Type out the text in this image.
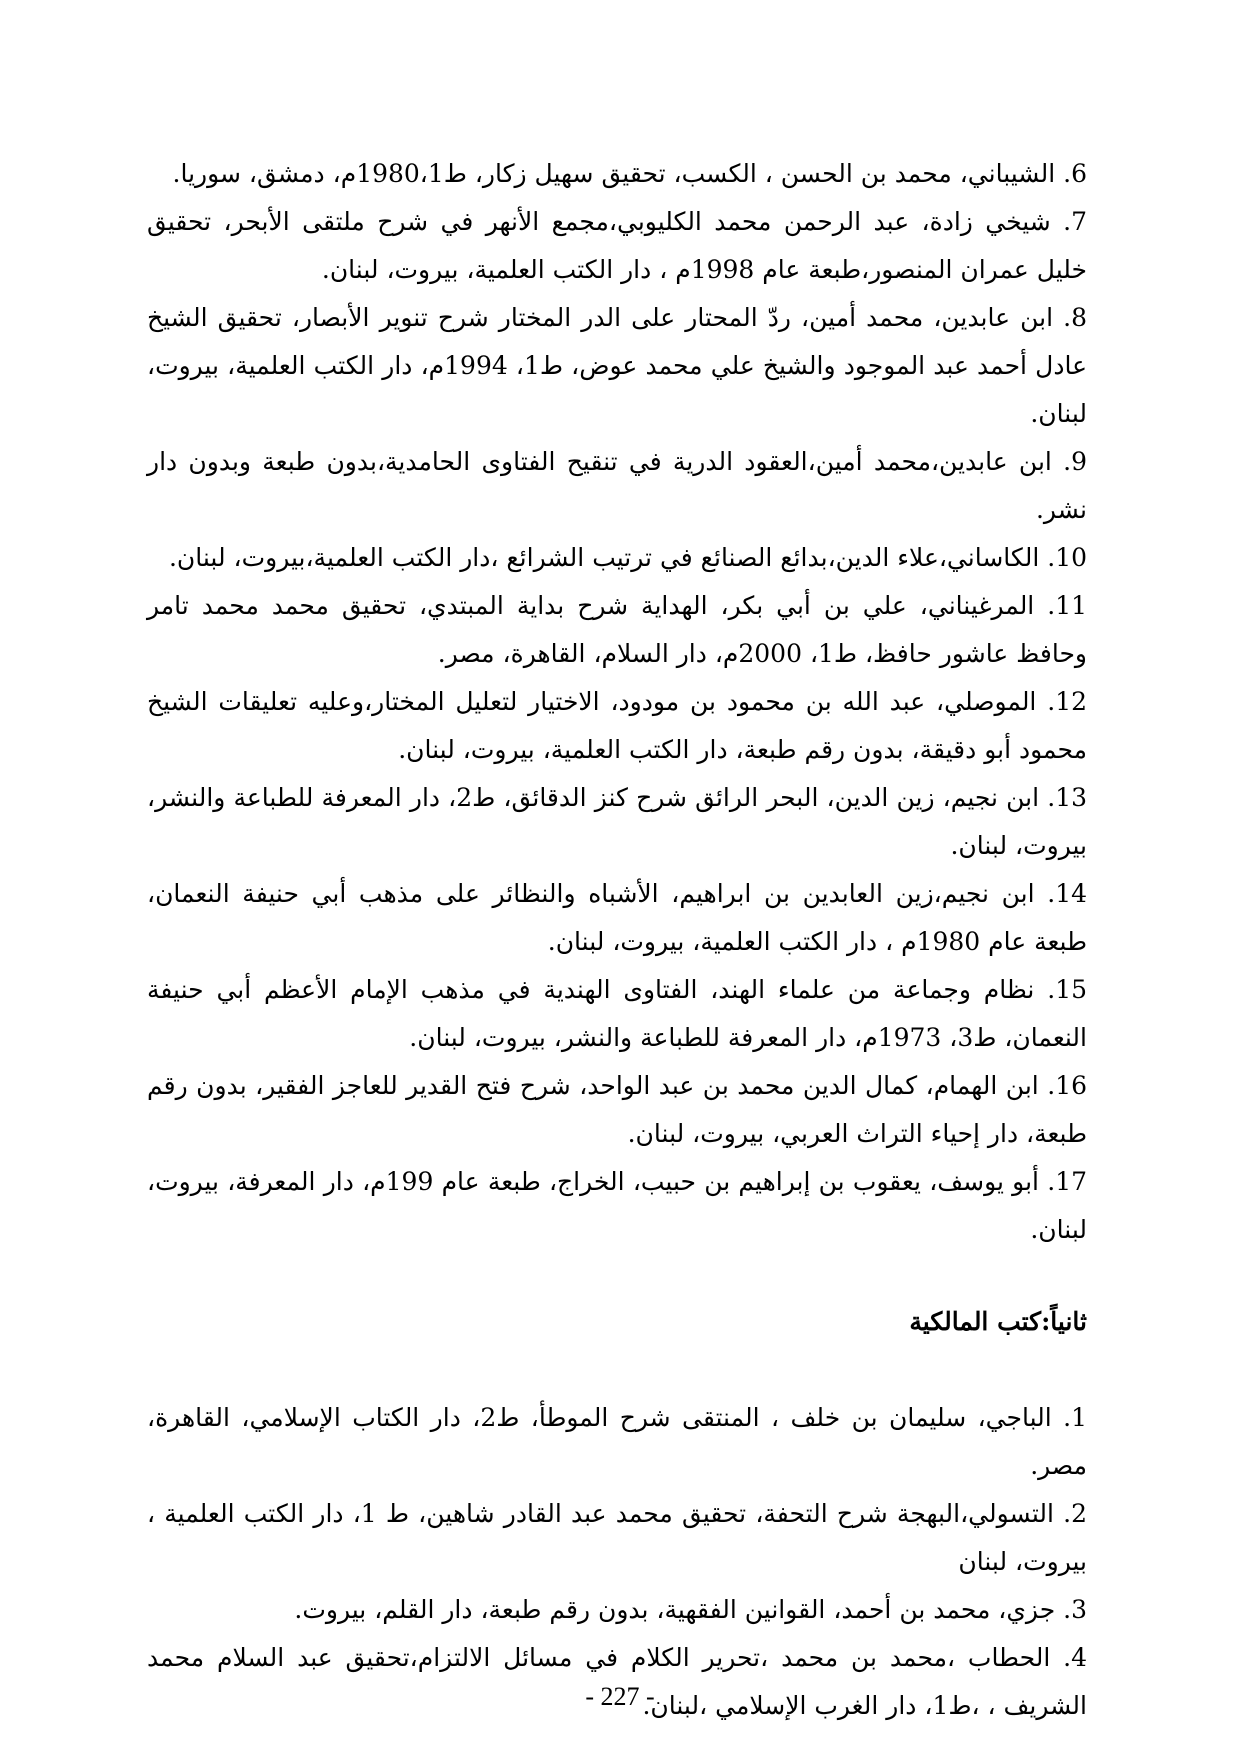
6. الشيباني، محمد بن الحسن ، الكسب، تحقيق سهيل زكار، ط1980،1م، دمشق، سوريا.

7. شيخي زادة، عبد الرحمن محمد الكليوبي،مجمع الأنهر في شرح ملتقى الأبحر، تحقيق خليل عمران المنصور،طبعة عام 1998م ، دار الكتب العلمية، بيروت، لبنان.

8. ابن عابدين، محمد أمين، ردّ المحتار على الدر المختار شرح تنوير الأبصار، تحقيق الشيخ عادل أحمد عبد الموجود والشيخ علي محمد عوض، ط1، 1994م، دار الكتب العلمية، بيروت، لبنان.

9. ابن عابدين،محمد أمين،العقود الدرية في تنقيح الفتاوى الحامدية،بدون طبعة وبدون دار نشر.

10. الكاساني،علاء الدين،بدائع الصنائع في ترتيب الشرائع ،دار الكتب العلمية،بيروت، لبنان.

11. المرغيناني، علي بن أبي بكر، الهداية شرح بداية المبتدي، تحقيق محمد محمد تامر وحافظ عاشور حافظ، ط1، 2000م، دار السلام، القاهرة، مصر.

12. الموصلي، عبد الله بن محمود بن مودود، الاختيار لتعليل المختار،وعليه تعليقات الشيخ محمود أبو دقيقة، بدون رقم طبعة، دار الكتب العلمية، بيروت، لبنان.

13. ابن نجيم، زين الدين، البحر الرائق شرح كنز الدقائق، ط2، دار المعرفة للطباعة والنشر، بيروت، لبنان.

14. ابن نجيم،زين العابدين بن ابراهيم، الأشباه والنظائر على مذهب أبي حنيفة النعمان، طبعة عام 1980م ، دار الكتب العلمية، بيروت، لبنان.

15. نظام وجماعة من علماء الهند، الفتاوى الهندية في مذهب الإمام الأعظم أبي حنيفة النعمان، ط3، 1973م، دار المعرفة للطباعة والنشر، بيروت، لبنان.

16. ابن الهمام، كمال الدين محمد بن عبد الواحد، شرح فتح القدير للعاجز الفقير، بدون رقم طبعة، دار إحياء التراث العربي، بيروت، لبنان.

17. أبو يوسف، يعقوب بن إبراهيم بن حبيب، الخراج، طبعة عام 199م، دار المعرفة، بيروت، لبنان.

ثانياً:كتب المالكية

1. الباجي، سليمان بن خلف ، المنتقى شرح الموطأ، ط2، دار الكتاب الإسلامي، القاهرة، مصر.

2. التسولي،البهجة شرح التحفة، تحقيق محمد عبد القادر شاهين، ط 1، دار الكتب العلمية ، بيروت، لبنان

3. جزي، محمد بن أحمد، القوانين الفقهية، بدون رقم طبعة، دار القلم، بيروت.

4. الحطاب ،محمد بن محمد ،تحرير الكلام في مسائل الالتزام،تحقيق عبد السلام محمد الشريف ، ،ط1، دار الغرب الإسلامي ،لبنان.

- 227 -
